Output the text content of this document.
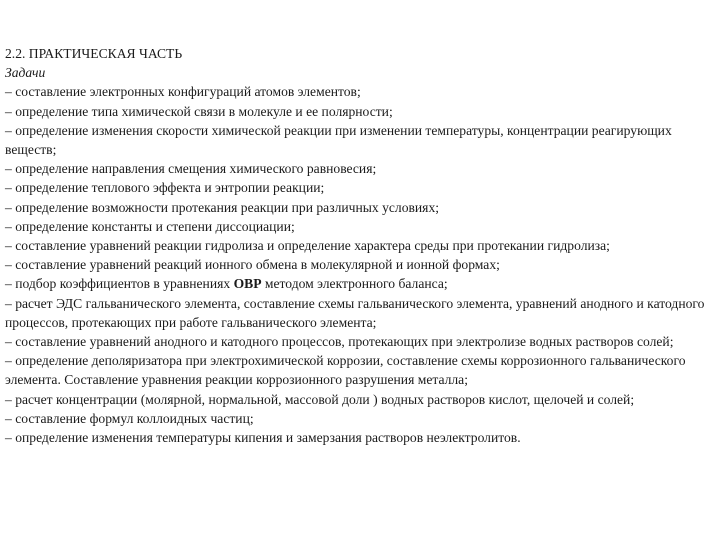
2.2. ПРАКТИЧЕСКАЯ ЧАСТЬ

Задачи

– составление электронных конфигураций атомов элементов;

– определение типа химической связи в молекуле и ее полярности;

– определение изменения скорости химической реакции при изменении температуры, концентрации реагирующих веществ;

– определение направления смещения химического равновесия;

– определение теплового эффекта и энтропии реакции;

– определение возможности протекания реакции при различных условиях;

– определение константы и степени диссоциации;

– составление уравнений реакции гидролиза и определение характера среды при протекании гидролиза;

– составление уравнений реакций ионного обмена в молекулярной и ионной формах;

– подбор коэффициентов в уравнениях ОВР методом электронного баланса;

– расчет ЭДС гальванического элемента, составление схемы гальванического элемента, уравнений анодного и катодного процессов, протекающих при работе гальванического элемента;

– составление уравнений анодного и катодного процессов, протекающих при электролизе водных растворов солей;

– определение деполяризатора при электрохимической коррозии, составление схемы коррозионного гальванического элемента. Составление уравнения реакции коррозионного разрушения металла;

– расчет концентрации (молярной, нормальной, массовой доли ) водных растворов кислот, щелочей и солей;

– составление формул коллоидных частиц;

– определение изменения температуры кипения и замерзания растворов неэлектролитов.
